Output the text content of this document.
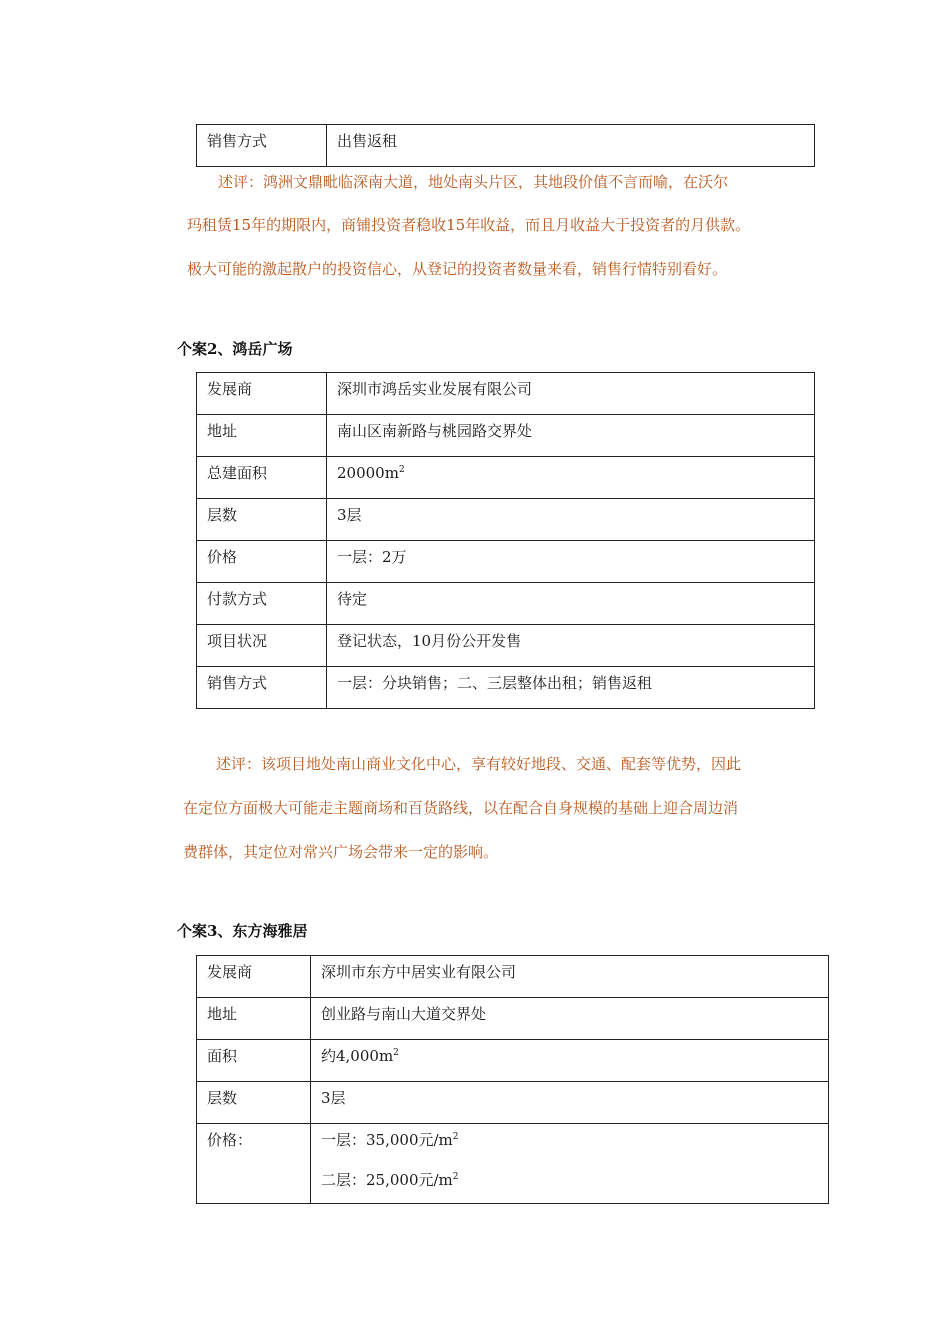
销售方式	出售返租
述评：鸿洲文鼎毗临深南大道，地处南头片区，其地段价值不言而喻，在沃尔
玛租赁15年的期限内，商铺投资者稳收15年收益，而且月收益大于投资者的月供款。
极大可能的激起散户的投资信心，从登记的投资者数量来看，销售行情特别看好。
个案2、鸿岳广场
发展商	深圳市鸿岳实业发展有限公司
地址	南山区南新路与桃园路交界处
总建面积	$20000m^2$
层数	3层
价格	一层：2万
付款方式	待定
项目状况	登记状态，10月份公开发售
销售方式	一层：分块销售；二、三层整体出租；销售返租
述评：该项目地处南山商业文化中心，享有较好地段、交通、配套等优势，因此
在定位方面极大可能走主题商场和百货路线，以在配合自身规模的基础上迎合周边消
费群体，其定位对常兴广场会带来一定的影响。
个案3、东方海雅居
发展商	深圳市东方中居实业有限公司
地址	创业路与南山大道交界处
面积	约$4,000m^2$
层数	3层
价格：	一层：35,000元$/m^2$
二层：25,000元$/m^2$
